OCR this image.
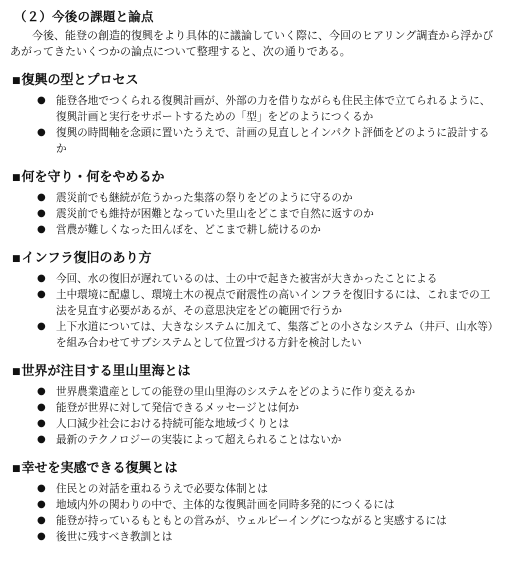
（２）今後の課題と論点

今後、能登の創造的復興をより具体的に議論していく際に、今回のヒアリング調査から浮かびあがってきたいくつかの論点について整理すると、次の通りである。

■復興の型とプロセス
● 能登各地でつくられる復興計画が、外部の力を借りながらも住民主体で立てられるように、復興計画と実行をサポートするための「型」をどのようにつくるか
● 復興の時間軸を念頭に置いたうえで、計画の見直しとインパクト評価をどのように設計するか
■何を守り・何をやめるか
● 震災前でも継続が危うかった集落の祭りをどのように守るのか
● 震災前でも維持が困難となっていた里山をどこまで自然に返すのか
● 営農が難しくなった田んぼを、どこまで耕し続けるのか
■インフラ復旧のあり方
● 今回、水の復旧が遅れているのは、土の中で起きた被害が大きかったことによる
● 土中環境に配慮し、環境土木の視点で耐震性の高いインフラを復旧するには、これまでの工法を見直す必要があるが、その意思決定をどの範囲で行うか
● 上下水道については、大きなシステムに加えて、集落ごとの小さなシステム（井戸、山水等）を組み合わせてサブシステムとして位置づける方針を検討したい
■世界が注目する里山里海とは
● 世界農業遺産としての能登の里山里海のシステムをどのように作り変えるか
● 能登が世界に対して発信できるメッセージとは何か
● 人口減少社会における持続可能な地域づくりとは
● 最新のテクノロジーの実装によって超えられることはないか
■幸せを実感できる復興とは
● 住民との対話を重ねるうえで必要な体制とは
● 地域内外の関わりの中で、主体的な復興計画を同時多発的につくるには
● 能登が持っているもともとの営みが、ウェルビーイングにつながると実感するには
● 後世に残すべき教訓とは
